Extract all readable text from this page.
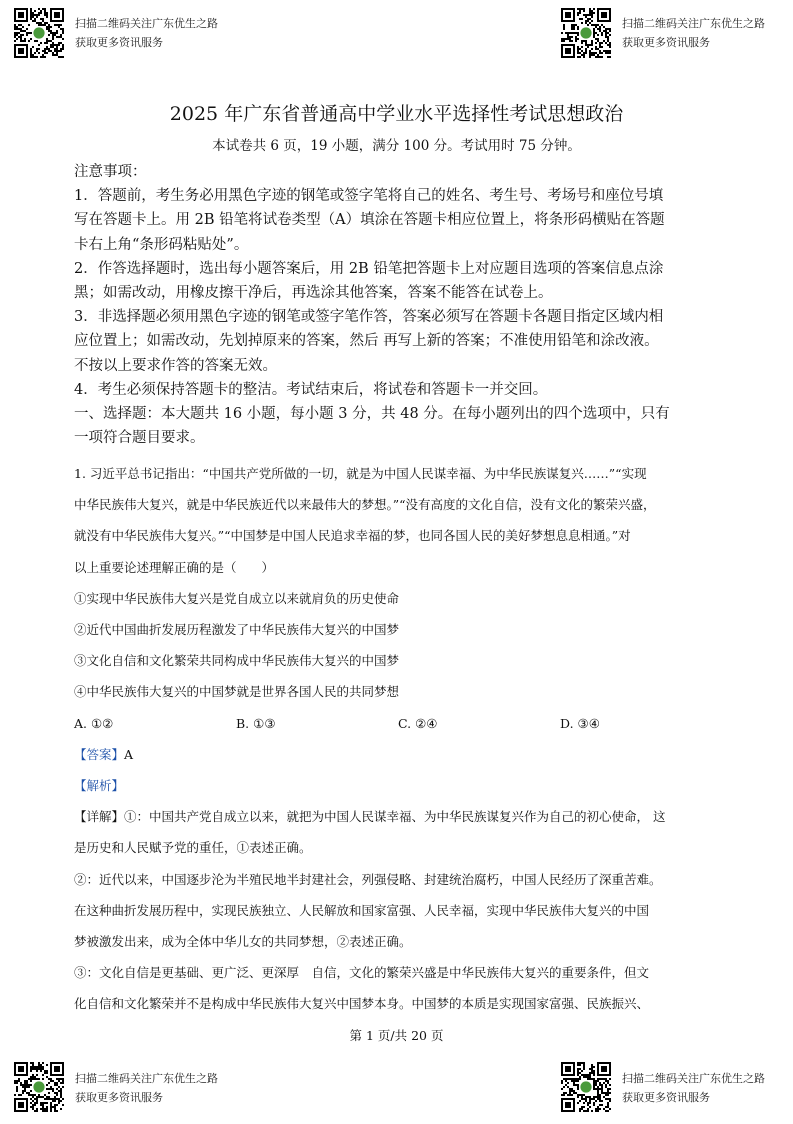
扫描二维码关注广东优生之路
获取更多资讯服务
扫描二维码关注广东优生之路
获取更多资讯服务
2025 年广东省普通高中学业水平选择性考试思想政治
本试卷共 6 页，19 小题，满分 100 分。考试用时 75 分钟。
注意事项：
1．答题前，考生务必用黑色字迹的钢笔或签字笔将自己的姓名、考生号、考场号和座位号填
写在答题卡上。用 2B 铅笔将试卷类型（A）填涂在答题卡相应位置上，将条形码横贴在答题
卡右上角“条形码粘贴处”。
2．作答选择题时，选出每小题答案后，用 2B 铅笔把答题卡上对应题目选项的答案信息点涂
黑；如需改动，用橡皮擦干净后，再选涂其他答案，答案不能答在试卷上。
3．非选择题必须用黑色字迹的钢笔或签字笔作答，答案必须写在答题卡各题目指定区域内相
应位置上；如需改动，先划掉原来的答案，然后 再写上新的答案；不准使用铅笔和涂改液。
不按以上要求作答的答案无效。
4．考生必须保持答题卡的整洁。考试结束后，将试卷和答题卡一并交回。
一、选择题：本大题共 16 小题，每小题 3 分，共 48 分。在每小题列出的四个选项中，只有
一项符合题目要求。
1. 习近平总书记指出：“中国共产党所做的一切，就是为中国人民谋幸福、为中华民族谋复兴……”“实现
中华民族伟大复兴，就是中华民族近代以来最伟大的梦想。”“没有高度的文化自信，没有文化的繁荣兴盛，
就没有中华民族伟大复兴。”“中国梦是中国人民追求幸福的梦，也同各国人民的美好梦想息息相通。”对
以上重要论述理解正确的是（　　）
①实现中华民族伟大复兴是党自成立以来就肩负的历史使命
②近代中国曲折发展历程激发了中华民族伟大复兴的中国梦
③文化自信和文化繁荣共同构成中华民族伟大复兴的中国梦
④中华民族伟大复兴的中国梦就是世界各国人民的共同梦想
A. ①②	B. ①③	C. ②④	D. ③④
【答案】A
【解析】
【详解】①：中国共产党自成立以来，就把为中国人民谋幸福、为中华民族谋复兴作为自己的初心使命， 这
是历史和人民赋予党的重任，①表述正确。
②：近代以来，中国逐步沦为半殖民地半封建社会，列强侵略、封建统治腐朽，中国人民经历了深重苦难。
在这种曲折发展历程中，实现民族独立、人民解放和国家富强、人民幸福，实现中华民族伟大复兴的中国
梦被激发出来，成为全体中华儿女的共同梦想，②表述正确。
③：文化自信是更基础、更广泛、更深厚　自信，文化的繁荣兴盛是中华民族伟大复兴的重要条件，但文
化自信和文化繁荣并不是构成中华民族伟大复兴中国梦本身。中国梦的本质是实现国家富强、民族振兴、
第 1 页/共 20 页
扫描二维码关注广东优生之路
获取更多资讯服务
扫描二维码关注广东优生之路
获取更多资讯服务
